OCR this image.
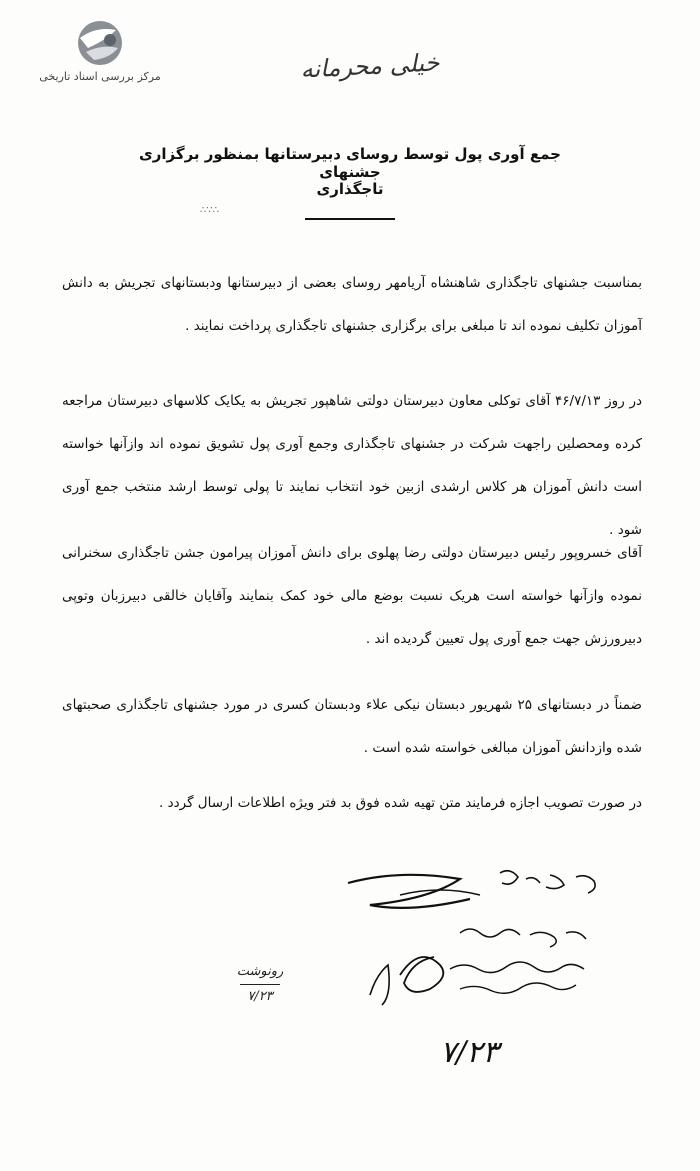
مرکز بررسی اسناد تاریخی	خیلی محرمانه
جمع آوری پول توسط روسای دبیرستانها بمنظور برگزاری جشنهای
تاجگذاری
∴∵∴
بمناسبت جشنهای تاجگذاری شاهنشاه آریامهر روسای بعضی از دبیرستانها ودبستانهای تجریش به دانش آموزان تکلیف نموده اند تا مبلغی برای برگزاری جشنهای تاجگذاری پرداخت نمایند .
در روز ۴۶/۷/۱۳ آقای توکلی معاون دبیرستان دولتی شاهپور تجریش به یکایک کلاسهای دبیرستان مراجعه کرده ومحصلین راجهت شرکت در جشنهای تاجگذاری وجمع آوری پول تشویق نموده اند وازآنها خواسته است دانش آموزان هر کلاس ارشدی ازبین خود انتخاب نمایند تا پولی توسط ارشد منتخب جمع آوری شود .
آقای خسروپور رئیس دبیرستان دولتی رضا پهلوی برای دانش آموزان پیرامون جشن تاجگذاری سخنرانی نموده وازآنها خواسته است هریک نسبت بوضع مالی خود کمک بنمایند وآقایان خالقی دبیرزبان وتوپی دبیرورزش جهت جمع آوری پول تعیین گردیده اند .
ضمناً در دبستانهای ۲۵ شهریور دبستان نیکی علاء ودبستان کسری در مورد جشنهای تاجگذاری صحبتهای شده وازدانش آموزان مبالغی خواسته شده است .
در صورت تصویب اجازه فرمایند متن تهیه شده فوق بد فتر ویژه اطلاعات ارسال گردد .
رونوشت
۷/۲۳
۷/۲۳
